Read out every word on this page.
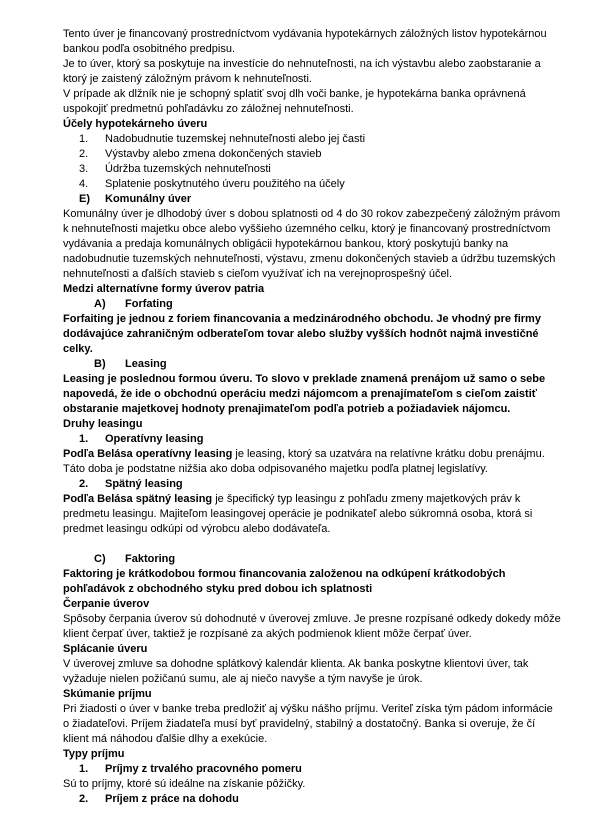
Tento úver je financovaný prostredníctvom vydávania hypotekárnych záložných listov hypotekárnou bankou podľa osobitného predpisu.

Je to úver, ktorý sa poskytuje na investície do nehnuteľnosti, na ich výstavbu alebo zaobstaranie a ktorý je zaistený záložným právom k nehnuteľnosti.

V prípade ak dlžník nie je schopný splatiť svoj dlh voči banke, je hypotekárna banka oprávnená uspokojiť predmetnú pohľadávku zo záložnej nehnuteľnosti.

Účely hypotekárneho úveru

1.	Nadobudnutie tuzemskej nehnuteľnosti alebo jej časti
2.	Výstavby alebo zmena dokončených stavieb
3.	Údržba tuzemských nehnuteľnosti
4.	Splatenie poskytnutého úveru použitého na účely
E)	Komunálny úver

Komunálny úver je dlhodobý úver s dobou splatnosti od 4 do 30 rokov zabezpečený záložným právom k nehnuteľnosti majetku obce alebo vyššieho územného celku, ktorý je financovaný prostredníctvom vydávania a predaja komunálnych obligácii hypotekárnou bankou, ktorý poskytujú banky na nadobudnutie tuzemských nehnuteľnosti, výstavu, zmenu dokončených stavieb a údržbu tuzemských nehnuteľnosti a ďalších stavieb s cieľom využívať ich na verejnoprospešný účel.

Medzi alternatívne formy úverov patria

A)	Forfating

Forfaiting je jednou z foriem financovania a medzinárodného obchodu. Je vhodný pre firmy dodávajúce zahraničným odberateľom tovar alebo služby vyšších hodnôt najmä investičné celky.

B)	Leasing

Leasing je poslednou formou úveru. To slovo v preklade znamená prenájom už samo o sebe napovedá, že ide o obchodnú operáciu medzi nájomcom a prenajímateľom s cieľom zaistiť obstaranie majetkovej hodnoty prenajimateľom podľa potrieb a požiadaviek nájomcu.

Druhy leasingu

1.	Operatívny leasing

Podľa Belása operatívny leasing je leasing, ktorý sa uzatvára na relatívne krátku dobu prenájmu. Táto doba je podstatne nižšia ako doba odpisovaného majetku podľa platnej legislatívy.

2.	Spätný leasing

Podľa Belása spätný leasing je špecifický typ leasingu z pohľadu zmeny majetkových práv k predmetu leasingu. Majiteľom leasingovej operácie je podnikateľ alebo súkromná osoba, ktorá si predmet leasingu odkúpi od výrobcu alebo dodávateľa.

C)	Faktoring

Faktoring je krátkodobou formou financovania založenou na odkúpení krátkodobých pohľadávok z obchodného styku pred dobou ich splatnosti

Čerpanie úverov

Spôsoby čerpania úverov sú dohodnuté v úverovej zmluve. Je presne rozpísané odkedy dokedy môže klient čerpať úver, taktiež je rozpísané za akých podmienok klient môže čerpať úver.

Splácanie úveru

V úverovej zmluve sa dohodne splátkový kalendár klienta. Ak banka poskytne klientovi úver, tak vyžaduje nielen požičanú sumu, ale aj niečo navyše a tým navyše je úrok.

Skúmanie príjmu

Pri žiadosti o úver v banke treba predložiť aj výšku nášho príjmu. Veriteľ získa tým pádom informácie o žiadateľovi. Príjem žiadateľa musí byť pravidelný, stabilný a dostatočný. Banka si overuje, že čí klient má náhodou ďalšie dlhy a exekúcie.

Typy príjmu

1.	Príjmy z trvalého pracovného pomeru

Sú to príjmy, ktoré sú ideálne na získanie pôžičky.

2.	Príjem z práce na dohodu
